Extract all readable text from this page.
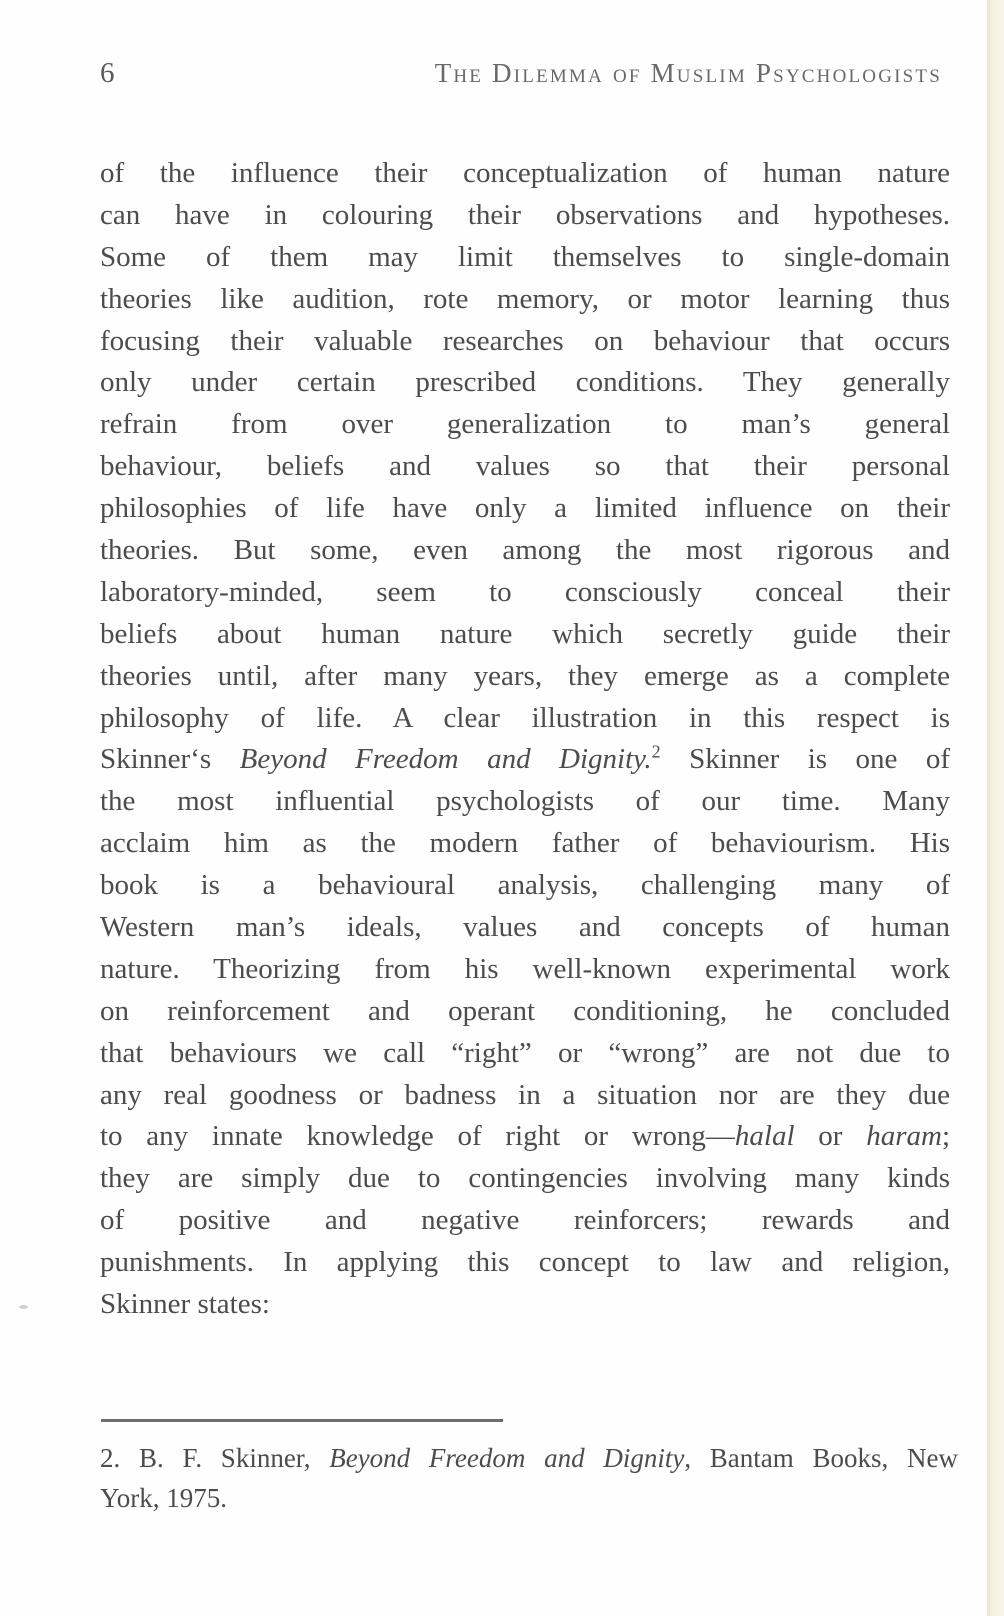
6	The Dilemma of Muslim Psychologists
of the influence their conceptualization of human nature
can have in colouring their observations and hypotheses.
Some of them may limit themselves to single-domain
theories like audition, rote memory, or motor learning thus
focusing their valuable researches on behaviour that occurs
only under certain prescribed conditions. They generally
refrain from over generalization to man’s general
behaviour, beliefs and values so that their personal
philosophies of life have only a limited influence on their
theories. But some, even among the most rigorous and
laboratory-minded, seem to consciously conceal their
beliefs about human nature which secretly guide their
theories until, after many years, they emerge as a complete
philosophy of life. A clear illustration in this respect is
Skinner‘s Beyond Freedom and Dignity.$^2$ Skinner is one of
the most influential psychologists of our time. Many
acclaim him as the modern father of behaviourism. His
book is a behavioural analysis, challenging many of
Western man’s ideals, values and concepts of human
nature. Theorizing from his well-known experimental work
on reinforcement and operant conditioning, he concluded
that behaviours we call “right” or “wrong” are not due to
any real goodness or badness in a situation nor are they due
to any innate knowledge of right or wrong—halal or haram;
they are simply due to contingencies involving many kinds
of positive and negative reinforcers; rewards and
punishments. In applying this concept to law and religion,
Skinner states:
2. B. F. Skinner, Beyond Freedom and Dignity, Bantam Books, New
York, 1975.
